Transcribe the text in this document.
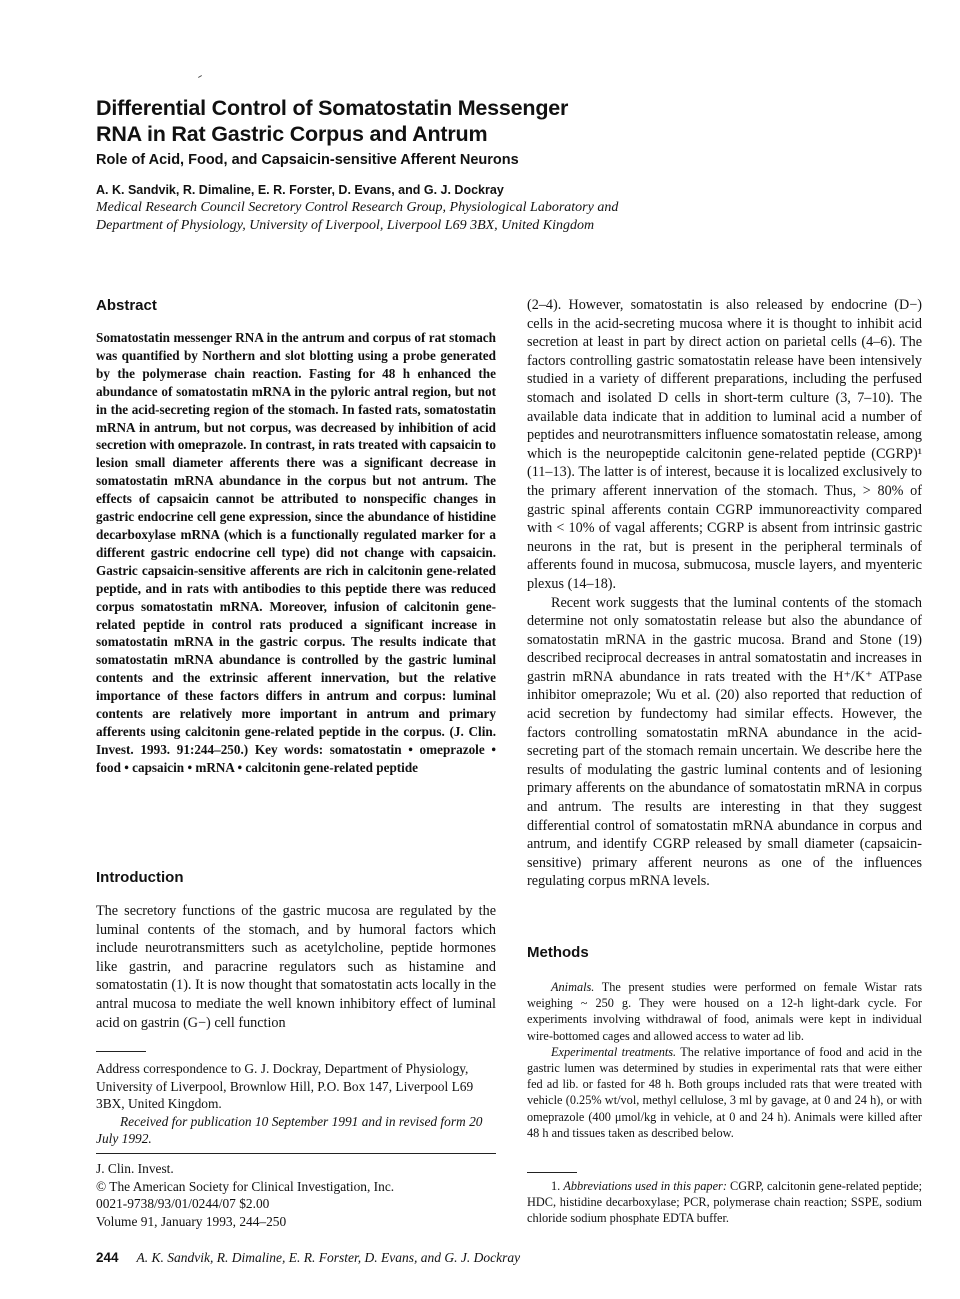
Differential Control of Somatostatin Messenger
RNA in Rat Gastric Corpus and Antrum
Role of Acid, Food, and Capsaicin-sensitive Afferent Neurons
A. K. Sandvik, R. Dimaline, E. R. Forster, D. Evans, and G. J. Dockray
Medical Research Council Secretory Control Research Group, Physiological Laboratory and
Department of Physiology, University of Liverpool, Liverpool L69 3BX, United Kingdom
Abstract
Somatostatin messenger RNA in the antrum and corpus of rat stomach was quantified by Northern and slot blotting using a probe generated by the polymerase chain reaction. Fasting for 48 h enhanced the abundance of somatostatin mRNA in the pyloric antral region, but not in the acid-secreting region of the stomach. In fasted rats, somatostatin mRNA in antrum, but not corpus, was decreased by inhibition of acid secretion with omeprazole. In contrast, in rats treated with capsaicin to lesion small diameter afferents there was a significant decrease in somatostatin mRNA abundance in the corpus but not antrum. The effects of capsaicin cannot be attributed to nonspecific changes in gastric endocrine cell gene expression, since the abundance of histidine decarboxylase mRNA (which is a functionally regulated marker for a different gastric endocrine cell type) did not change with capsaicin. Gastric capsaicin-sensitive afferents are rich in calcitonin gene-related peptide, and in rats with antibodies to this peptide there was reduced corpus somatostatin mRNA. Moreover, infusion of calcitonin gene-related peptide in control rats produced a significant increase in somatostatin mRNA in the gastric corpus. The results indicate that somatostatin mRNA abundance is controlled by the gastric luminal contents and the extrinsic afferent innervation, but the relative importance of these factors differs in antrum and corpus: luminal contents are relatively more important in antrum and primary afferents using calcitonin gene-related peptide in the corpus. (J. Clin. Invest. 1993. 91:244–250.) Key words: somatostatin • omeprazole • food • capsaicin • mRNA • calcitonin gene-related peptide
Introduction

The secretory functions of the gastric mucosa are regulated by the luminal contents of the stomach, and by humoral factors which include neurotransmitters such as acetylcholine, peptide hormones like gastrin, and paracrine regulators such as histamine and somatostatin (1). It is now thought that somatostatin acts locally in the antral mucosa to mediate the well known inhibitory effect of luminal acid on gastrin (G−) cell function

Address correspondence to G. J. Dockray, Department of Physiology, University of Liverpool, Brownlow Hill, P.O. Box 147, Liverpool L69 3BX, United Kingdom.
Received for publication 10 September 1991 and in revised form 20 July 1992.
J. Clin. Invest.
© The American Society for Clinical Investigation, Inc.
0021-9738/93/01/0244/07 $2.00
Volume 91, January 1993, 244–250

(2–4). However, somatostatin is also released by endocrine (D−) cells in the acid-secreting mucosa where it is thought to inhibit acid secretion at least in part by direct action on parietal cells (4–6). The factors controlling gastric somatostatin release have been intensively studied in a variety of different preparations, including the perfused stomach and isolated D cells in short-term culture (3, 7–10). The available data indicate that in addition to luminal acid a number of peptides and neurotransmitters influence somatostatin release, among which is the neuropeptide calcitonin gene-related peptide (CGRP)¹ (11–13). The latter is of interest, because it is localized exclusively to the primary afferent innervation of the stomach. Thus, > 80% of gastric spinal afferents contain CGRP immunoreactivity compared with < 10% of vagal afferents; CGRP is absent from intrinsic gastric neurons in the rat, but is present in the peripheral terminals of afferents found in mucosa, submucosa, muscle layers, and myenteric plexus (14–18).

Recent work suggests that the luminal contents of the stomach determine not only somatostatin release but also the abundance of somatostatin mRNA in the gastric mucosa. Brand and Stone (19) described reciprocal decreases in antral somatostatin and increases in gastrin mRNA abundance in rats treated with the H⁺/K⁺ ATPase inhibitor omeprazole; Wu et al. (20) also reported that reduction of acid secretion by fundectomy had similar effects. However, the factors controlling somatostatin mRNA abundance in the acid-secreting part of the stomach remain uncertain. We describe here the results of modulating the gastric luminal contents and of lesioning primary afferents on the abundance of somatostatin mRNA in corpus and antrum. The results are interesting in that they suggest differential control of somatostatin mRNA abundance in corpus and antrum, and identify CGRP released by small diameter (capsaicin-sensitive) primary afferent neurons as one of the influences regulating corpus mRNA levels.

Methods

Animals. The present studies were performed on female Wistar rats weighing ~ 250 g. They were housed on a 12-h light-dark cycle. For experiments involving withdrawal of food, animals were kept in individual wire-bottomed cages and allowed access to water ad lib.

Experimental treatments. The relative importance of food and acid in the gastric lumen was determined by studies in experimental rats that were either fed ad lib. or fasted for 48 h. Both groups included rats that were treated with vehicle (0.25% wt/vol, methyl cellulose, 3 ml by gavage, at 0 and 24 h), or with omeprazole (400 μmol/kg in vehicle, at 0 and 24 h). Animals were killed after 48 h and tissues taken as described below.

1. Abbreviations used in this paper: CGRP, calcitonin gene-related peptide; HDC, histidine decarboxylase; PCR, polymerase chain reaction; SSPE, sodium chloride sodium phosphate EDTA buffer.

244 A. K. Sandvik, R. Dimaline, E. R. Forster, D. Evans, and G. J. Dockray
